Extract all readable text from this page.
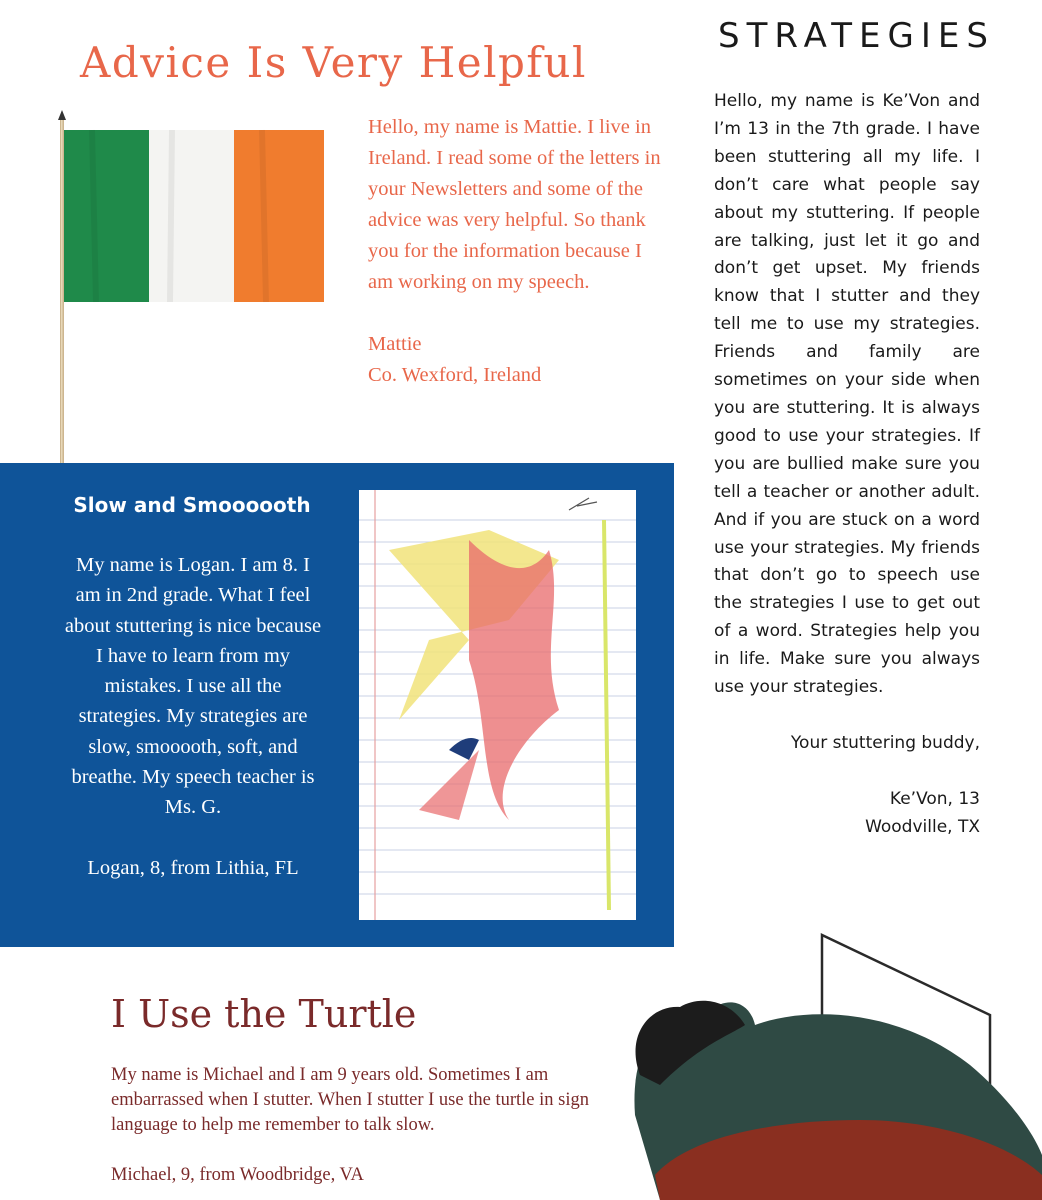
Advice Is Very Helpful

Hello, my name is Mattie. I live in Ireland. I read some of the letters in your Newsletters and some of the advice was very helpful. So thank you for the information because I am working on my speech.

Mattie

Co. Wexford, Ireland

STRATEGIES

Hello, my name is Ke’Von and I’m 13 in the 7th grade. I have been stuttering all my life. I don’t care what people say about my stuttering. If people are talking, just let it go and don’t get upset. My friends know that I stutter and they tell me to use my strategies. Friends and family are sometimes on your side when you are stuttering. It is always good to use your strategies. If you are bullied make sure you tell a teacher or another adult. And if you are stuck on a word use your strategies. My friends that don’t go to speech use the strategies I use to get out of a word. Strategies help you in life. Make sure you always use your strategies.

Your stuttering buddy,

Ke’Von, 13

Woodville, TX

Slow and Smoooooth

My name is Logan. I am 8. I am in 2nd grade. What I feel about stuttering is nice because I have to learn from my mistakes. I use all the strategies. My strategies are slow, smooooth, soft, and breathe. My speech teacher is Ms. G.

Logan, 8, from Lithia, FL

I Use the Turtle

My name is Michael and I am 9 years old. Sometimes I am embarrassed when I stutter. When I stutter I use the turtle in sign language to help me remember to talk slow.

Michael, 9, from Woodbridge, VA
